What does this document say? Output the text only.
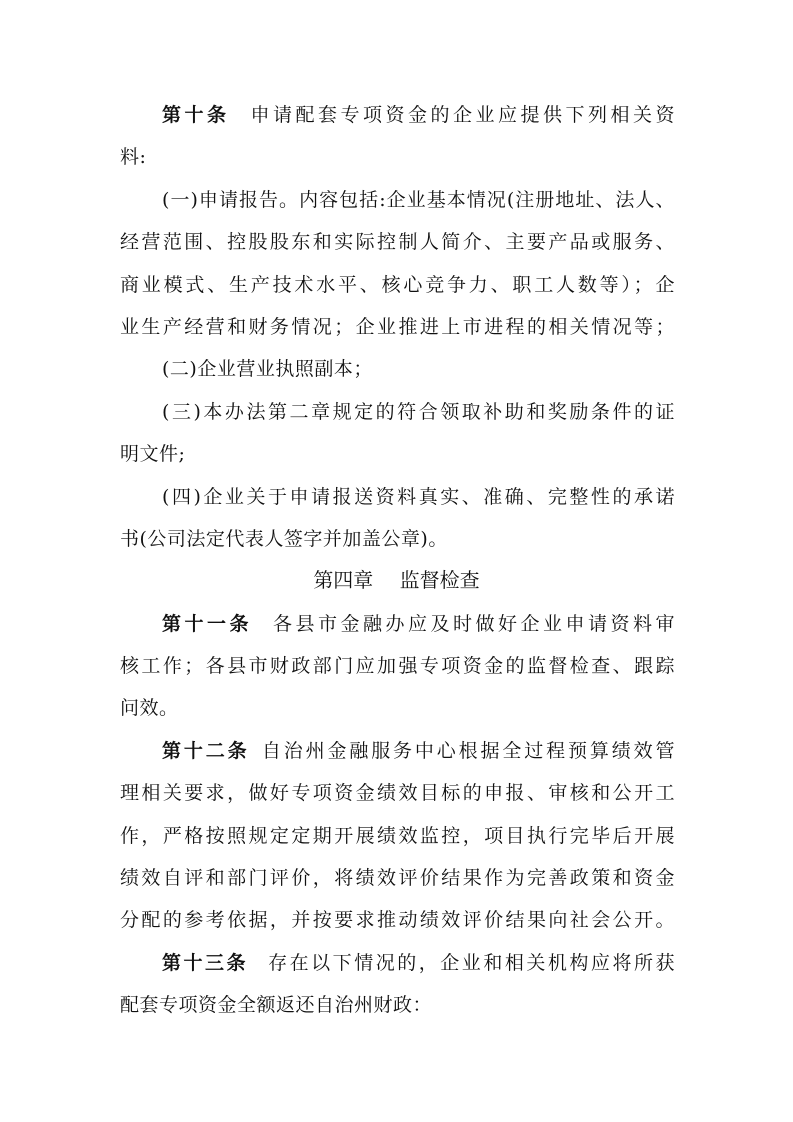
第十条 申请配套专项资金的企业应提供下列相关资
料:
(一)申请报告。内容包括:企业基本情况(注册地址、法人、
经营范围、控股股东和实际控制人简介、主要产品或服务、
商业模式、生产技术水平、核心竞争力、职工人数等）；企
业生产经营和财务情况；企业推进上市进程的相关情况等；
(二)企业营业执照副本；
(三)本办法第二章规定的符合领取补助和奖励条件的证
明文件;
(四)企业关于申请报送资料真实、准确、完整性的承诺
书(公司法定代表人签字并加盖公章)。
第四章　 监督检查
第十一条 各县市金融办应及时做好企业申请资料审
核工作；各县市财政部门应加强专项资金的监督检查、跟踪
问效。
第十二条 自治州金融服务中心根据全过程预算绩效管
理相关要求，做好专项资金绩效目标的申报、审核和公开工
作，严格按照规定定期开展绩效监控，项目执行完毕后开展
绩效自评和部门评价，将绩效评价结果作为完善政策和资金
分配的参考依据，并按要求推动绩效评价结果向社会公开。
第十三条 存在以下情况的，企业和相关机构应将所获
配套专项资金全额返还自治州财政：
